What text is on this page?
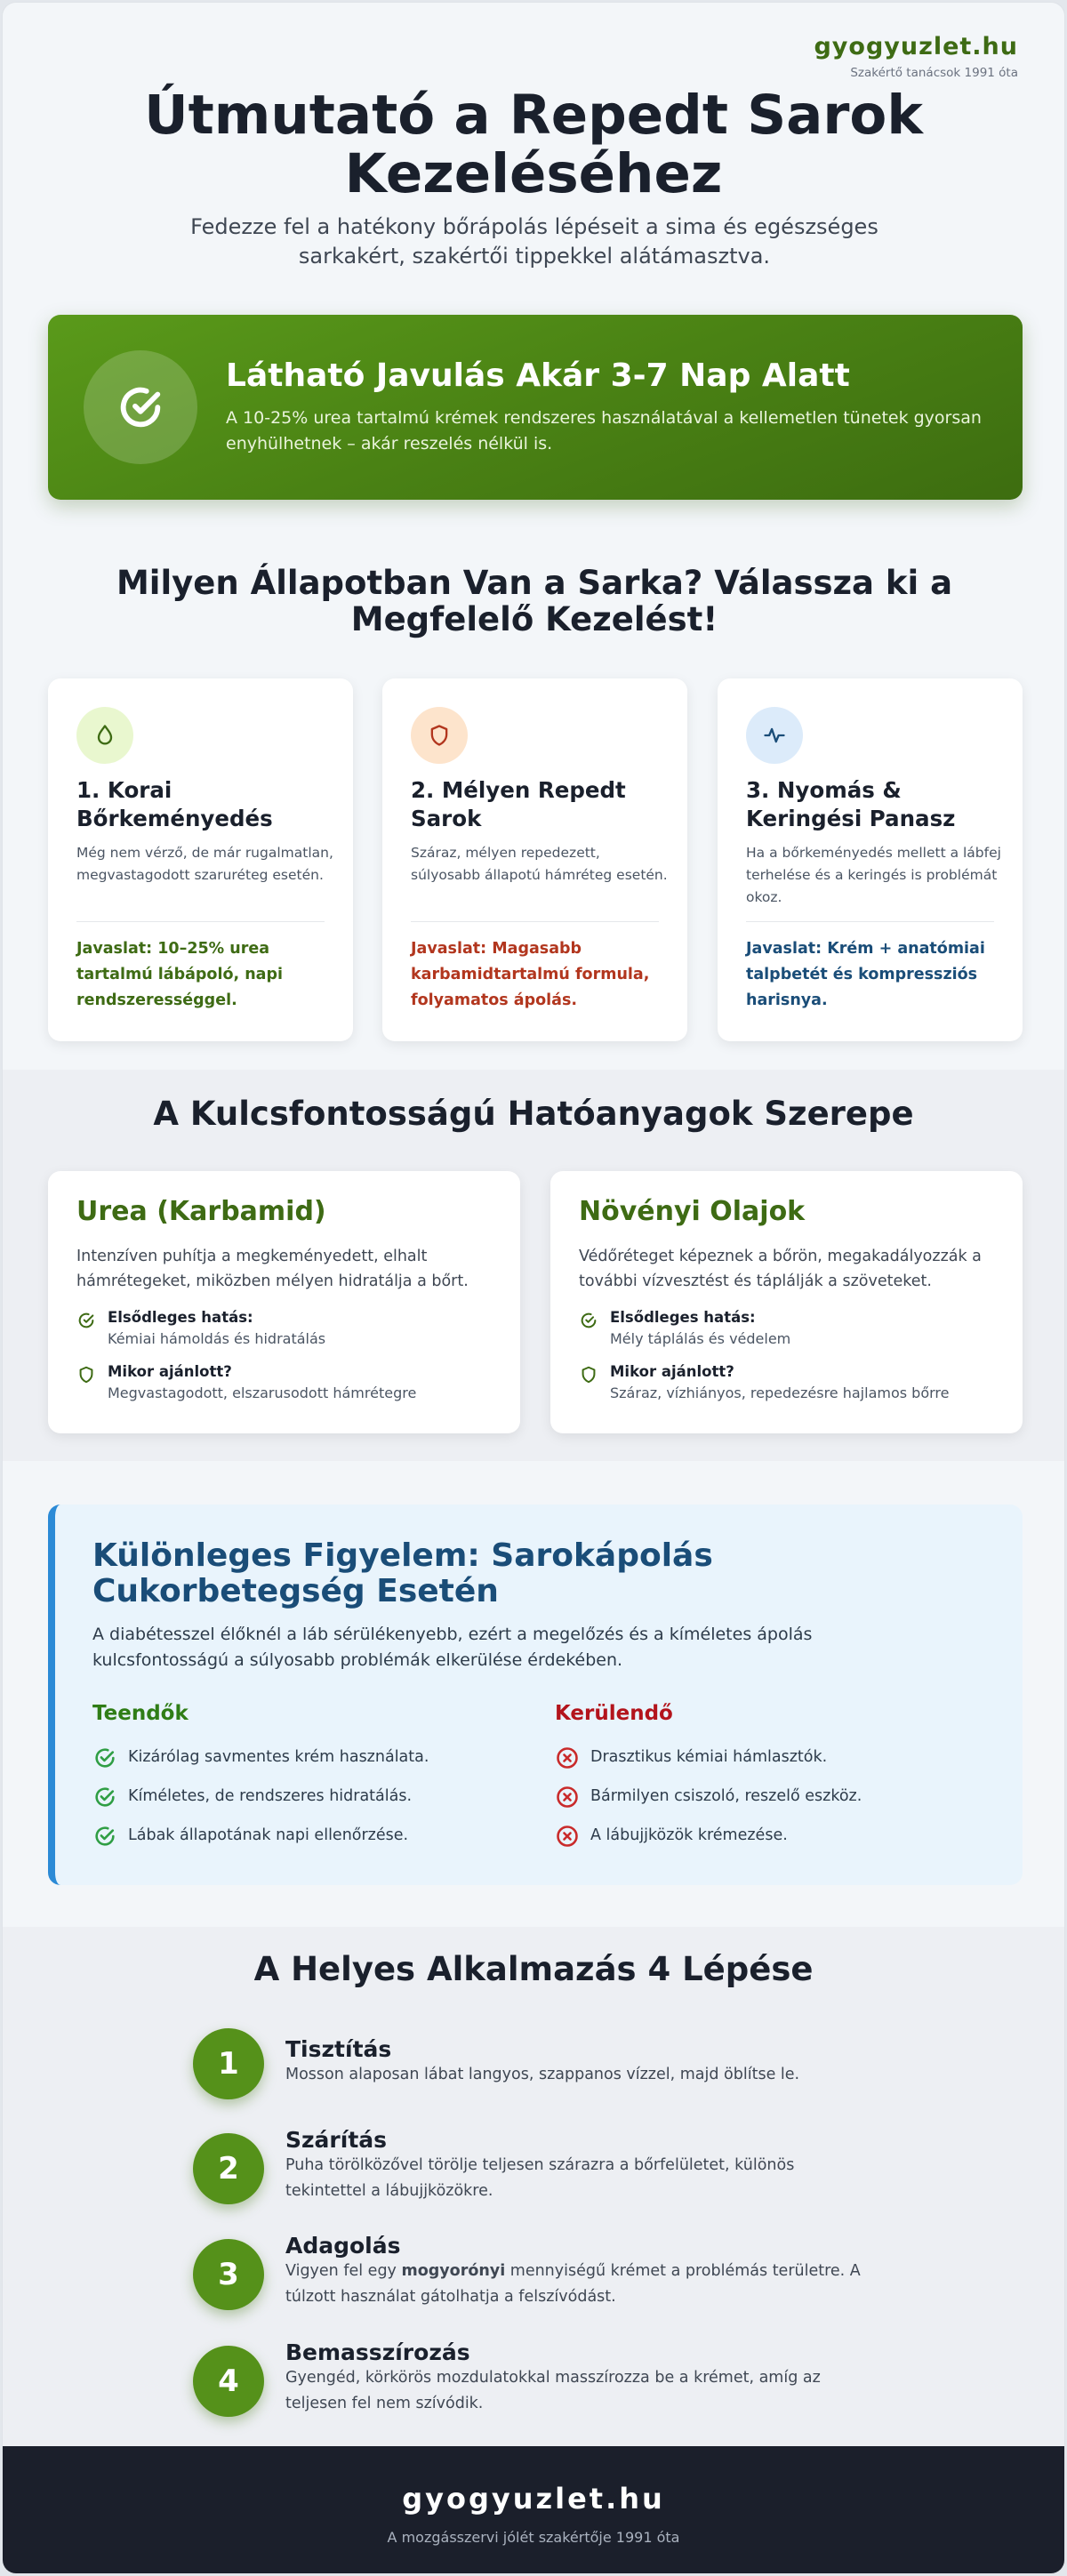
gyogyuzlet.hu
Szakértő tanácsok 1991 óta
Útmutató a Repedt Sarok
Kezeléséhez

Fedezze fel a hatékony bőrápolás lépéseit a sima és egészséges sarkakért, szakértői tippekkel alátámasztva.

Látható Javulás Akár 3-7 Nap Alatt
A 10-25% urea tartalmú krémek rendszeres használatával a kellemetlen tünetek gyorsan enyhülhetnek – akár reszelés nélkül is.
Milyen Állapotban Van a Sarka? Válassza ki a Megfelelő Kezelést!
1. Korai Bőrkeményedés
Még nem vérző, de már rugalmatlan, megvastagodott szaruréteg esetén.
Javaslat: 10–25% urea tartalmú lábápoló, napi rendszerességgel.
2. Mélyen Repedt Sarok
Száraz, mélyen repedezett, súlyosabb állapotú hámréteg esetén.
Javaslat: Magasabb karbamidtartalmú formula, folyamatos ápolás.
3. Nyomás & Keringési Panasz
Ha a bőrkeményedés mellett a lábfej terhelése és a keringés is problémát okoz.
Javaslat: Krém + anatómiai talpbetét és kompressziós harisnya.
A Kulcsfontosságú Hatóanyagok Szerepe
Urea (Karbamid)
Intenzíven puhítja a megkeményedett, elhalt hámrétegeket, miközben mélyen hidratálja a bőrt.
Elsődleges hatás:
Kémiai hámoldás és hidratálás
Mikor ajánlott?
Megvastagodott, elszarusodott hámrétegre
Növényi Olajok
Védőréteget képeznek a bőrön, megakadályozzák a további vízvesztést és táplálják a szöveteket.
Elsődleges hatás:
Mély táplálás és védelem
Mikor ajánlott?
Száraz, vízhiányos, repedezésre hajlamos bőrre
Különleges Figyelem: Sarokápolás
Cukorbetegség Esetén
A diabétesszel élőknél a láb sérülékenyebb, ezért a megelőzés és a kíméletes ápolás kulcsfontosságú a súlyosabb problémák elkerülése érdekében.
Teendők	Kerülendő
Kizárólag savmentes krém használata.
Kíméletes, de rendszeres hidratálás.
Lábak állapotának napi ellenőrzése.
Drasztikus kémiai hámlasztók.
Bármilyen csiszoló, reszelő eszköz.
A lábujjközök krémezése.
A Helyes Alkalmazás 4 Lépése
1	Tisztítás
Mosson alaposan lábat langyos, szappanos vízzel, majd öblítse le.
2
Szárítás
Puha törölközővel törölje teljesen szárazra a bőrfelületet, különös tekintettel a lábujjközökre.
3
Adagolás
Vigyen fel egy mogyorónyi mennyiségű krémet a problémás területre. A túlzott használat gátolhatja a felszívódást.
4
Bemasszírozás
Gyengéd, körkörös mozdulatokkal masszírozza be a krémet, amíg az teljesen fel nem szívódik.
gyogyuzlet.hu
A mozgásszervi jólét szakértője 1991 óta
